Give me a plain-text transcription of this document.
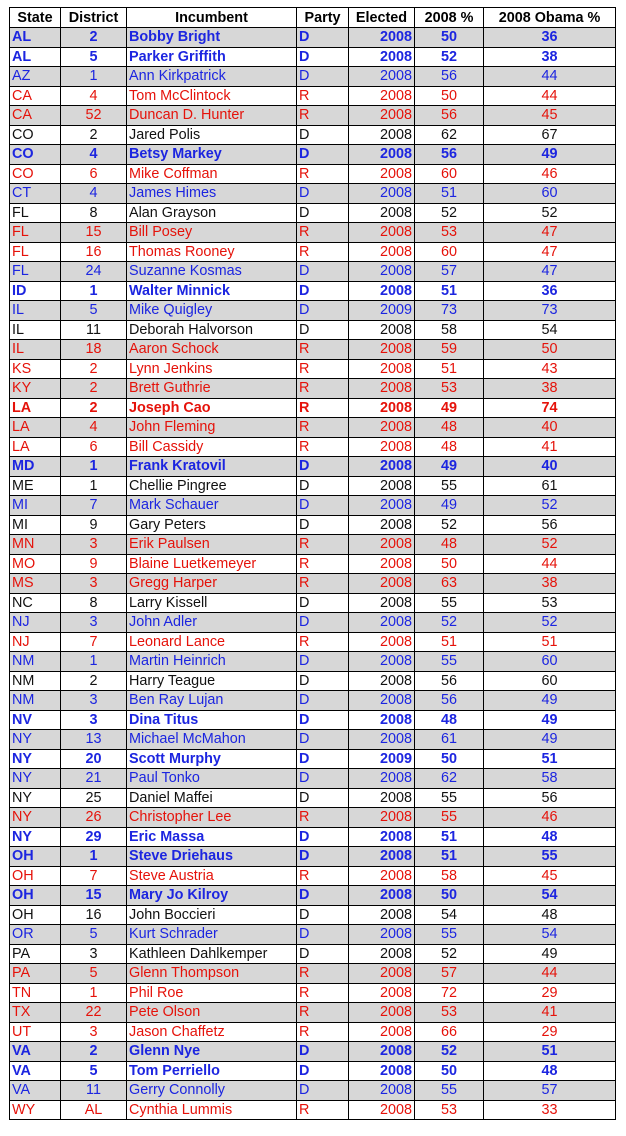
State	District	Incumbent	Party	Elected	2008 %	2008 Obama %
AL	2	Bobby Bright	D	2008	50	36
AL	5	Parker Griffith	D	2008	52	38
AZ	1	Ann Kirkpatrick	D	2008	56	44
CA	4	Tom McClintock	R	2008	50	44
CA	52	Duncan D. Hunter	R	2008	56	45
CO	2	Jared Polis	D	2008	62	67
CO	4	Betsy Markey	D	2008	56	49
CO	6	Mike Coffman	R	2008	60	46
CT	4	James Himes	D	2008	51	60
FL	8	Alan Grayson	D	2008	52	52
FL	15	Bill Posey	R	2008	53	47
FL	16	Thomas Rooney	R	2008	60	47
FL	24	Suzanne Kosmas	D	2008	57	47
ID	1	Walter Minnick	D	2008	51	36
IL	5	Mike Quigley	D	2009	73	73
IL	11	Deborah Halvorson	D	2008	58	54
IL	18	Aaron Schock	R	2008	59	50
KS	2	Lynn Jenkins	R	2008	51	43
KY	2	Brett Guthrie	R	2008	53	38
LA	2	Joseph Cao	R	2008	49	74
LA	4	John Fleming	R	2008	48	40
LA	6	Bill Cassidy	R	2008	48	41
MD	1	Frank Kratovil	D	2008	49	40
ME	1	Chellie Pingree	D	2008	55	61
MI	7	Mark Schauer	D	2008	49	52
MI	9	Gary Peters	D	2008	52	56
MN	3	Erik Paulsen	R	2008	48	52
MO	9	Blaine Luetkemeyer	R	2008	50	44
MS	3	Gregg Harper	R	2008	63	38
NC	8	Larry Kissell	D	2008	55	53
NJ	3	John Adler	D	2008	52	52
NJ	7	Leonard Lance	R	2008	51	51
NM	1	Martin Heinrich	D	2008	55	60
NM	2	Harry Teague	D	2008	56	60
NM	3	Ben Ray Lujan	D	2008	56	49
NV	3	Dina Titus	D	2008	48	49
NY	13	Michael McMahon	D	2008	61	49
NY	20	Scott Murphy	D	2009	50	51
NY	21	Paul Tonko	D	2008	62	58
NY	25	Daniel Maffei	D	2008	55	56
NY	26	Christopher Lee	R	2008	55	46
NY	29	Eric Massa	D	2008	51	48
OH	1	Steve Driehaus	D	2008	51	55
OH	7	Steve Austria	R	2008	58	45
OH	15	Mary Jo Kilroy	D	2008	50	54
OH	16	John Boccieri	D	2008	54	48
OR	5	Kurt Schrader	D	2008	55	54
PA	3	Kathleen Dahlkemper	D	2008	52	49
PA	5	Glenn Thompson	R	2008	57	44
TN	1	Phil Roe	R	2008	72	29
TX	22	Pete Olson	R	2008	53	41
UT	3	Jason Chaffetz	R	2008	66	29
VA	2	Glenn Nye	D	2008	52	51
VA	5	Tom Perriello	D	2008	50	48
VA	11	Gerry Connolly	D	2008	55	57
WY	AL	Cynthia Lummis	R	2008	53	33
